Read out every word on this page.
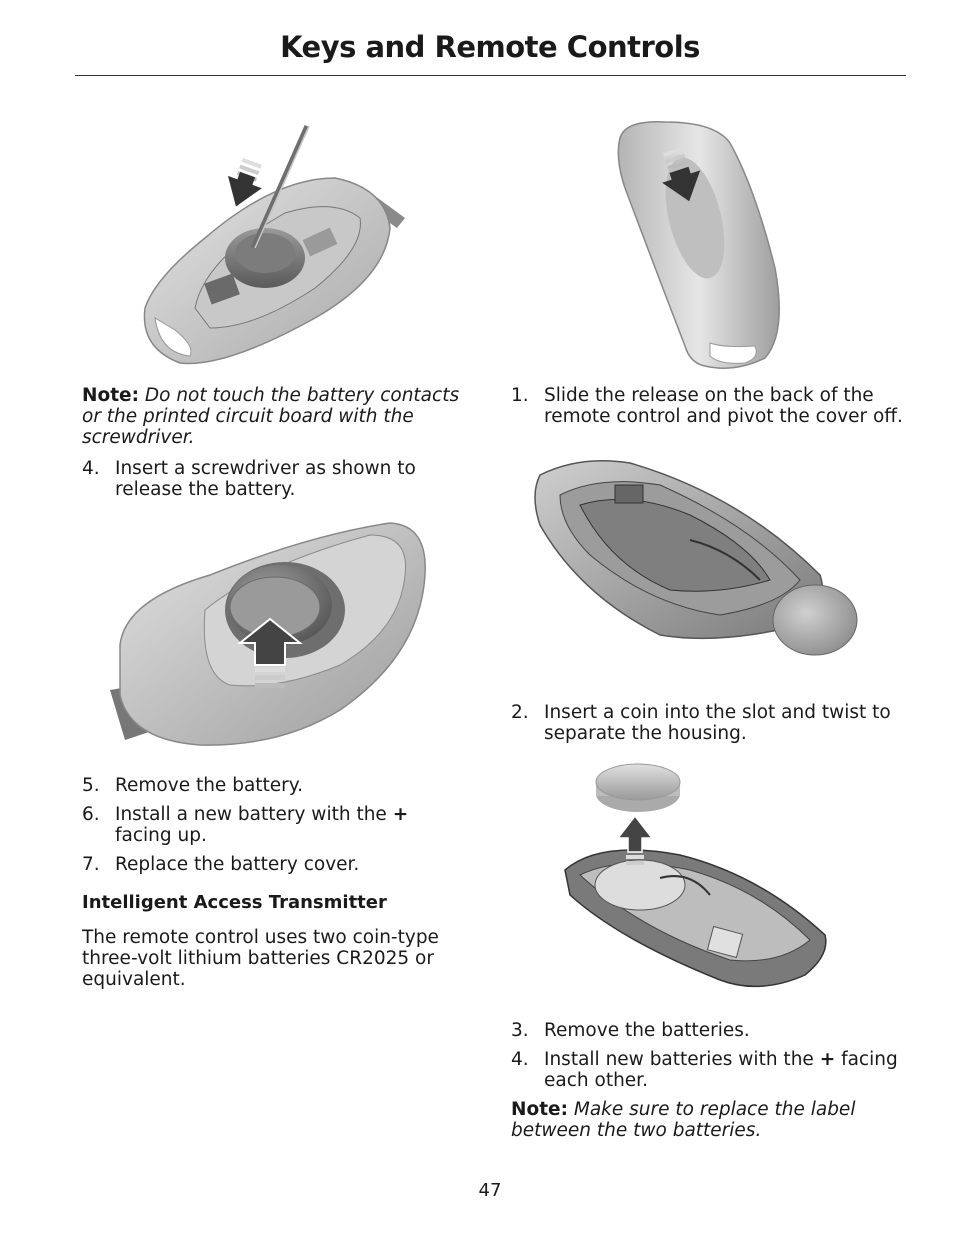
Keys and Remote Controls
Note: Do not touch the battery contacts or the printed circuit board with the screwdriver.
4. Insert a screwdriver as shown to release the battery.
5. Remove the battery.
6. Install a new battery with the + facing up.
7. Replace the battery cover.
Intelligent Access Transmitter
The remote control uses two coin-type three-volt lithium batteries CR2025 or equivalent.
1. Slide the release on the back of the remote control and pivot the cover off.
2. Insert a coin into the slot and twist to separate the housing.
3. Remove the batteries.
4. Install new batteries with the + facing each other.
Note: Make sure to replace the label between the two batteries.
47
